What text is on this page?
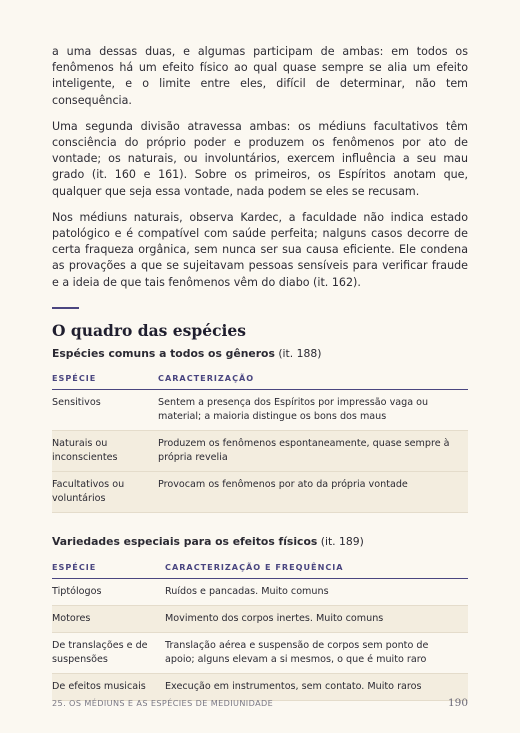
a uma dessas duas, e algumas participam de ambas: em todos os fenômenos há um efeito físico ao qual quase sempre se alia um efeito inteligente, e o limite entre eles, difícil de determinar, não tem consequência.

Uma segunda divisão atravessa ambas: os médiuns facultativos têm consciência do próprio poder e produzem os fenômenos por ato de vontade; os naturais, ou involuntários, exercem influência a seu mau grado (it. 160 e 161). Sobre os primeiros, os Espíritos anotam que, qualquer que seja essa vontade, nada podem se eles se recusam.

Nos médiuns naturais, observa Kardec, a faculdade não indica estado patológico e é compatível com saúde perfeita; nalguns casos decorre de certa fraqueza orgânica, sem nunca ser sua causa eficiente. Ele condena as provações a que se sujeitavam pessoas sensíveis para verificar fraude e a ideia de que tais fenômenos vêm do diabo (it. 162).

O quadro das espécies
Espécies comuns a todos os gêneros (it. 188)
ESPÉCIE	CARACTERIZAÇÃO
Sensitivos	Sentem a presença dos Espíritos por impressão vaga ou material; a maioria distingue os bons dos maus
Naturais ou inconscientes	Produzem os fenômenos espontaneamente, quase sempre à própria revelia
Facultativos ou voluntários	Provocam os fenômenos por ato da própria vontade
Variedades especiais para os efeitos físicos (it. 189)
ESPÉCIE	CARACTERIZAÇÃO E FREQUÊNCIA
Tiptólogos	Ruídos e pancadas. Muito comuns
Motores	Movimento dos corpos inertes. Muito comuns
De translações e de suspensões	Translação aérea e suspensão de corpos sem ponto de apoio; alguns elevam a si mesmos, o que é muito raro
De efeitos musicais	Execução em instrumentos, sem contato. Muito raros
25. OS MÉDIUNS E AS ESPÉCIES DE MEDIUNIDADE	190
